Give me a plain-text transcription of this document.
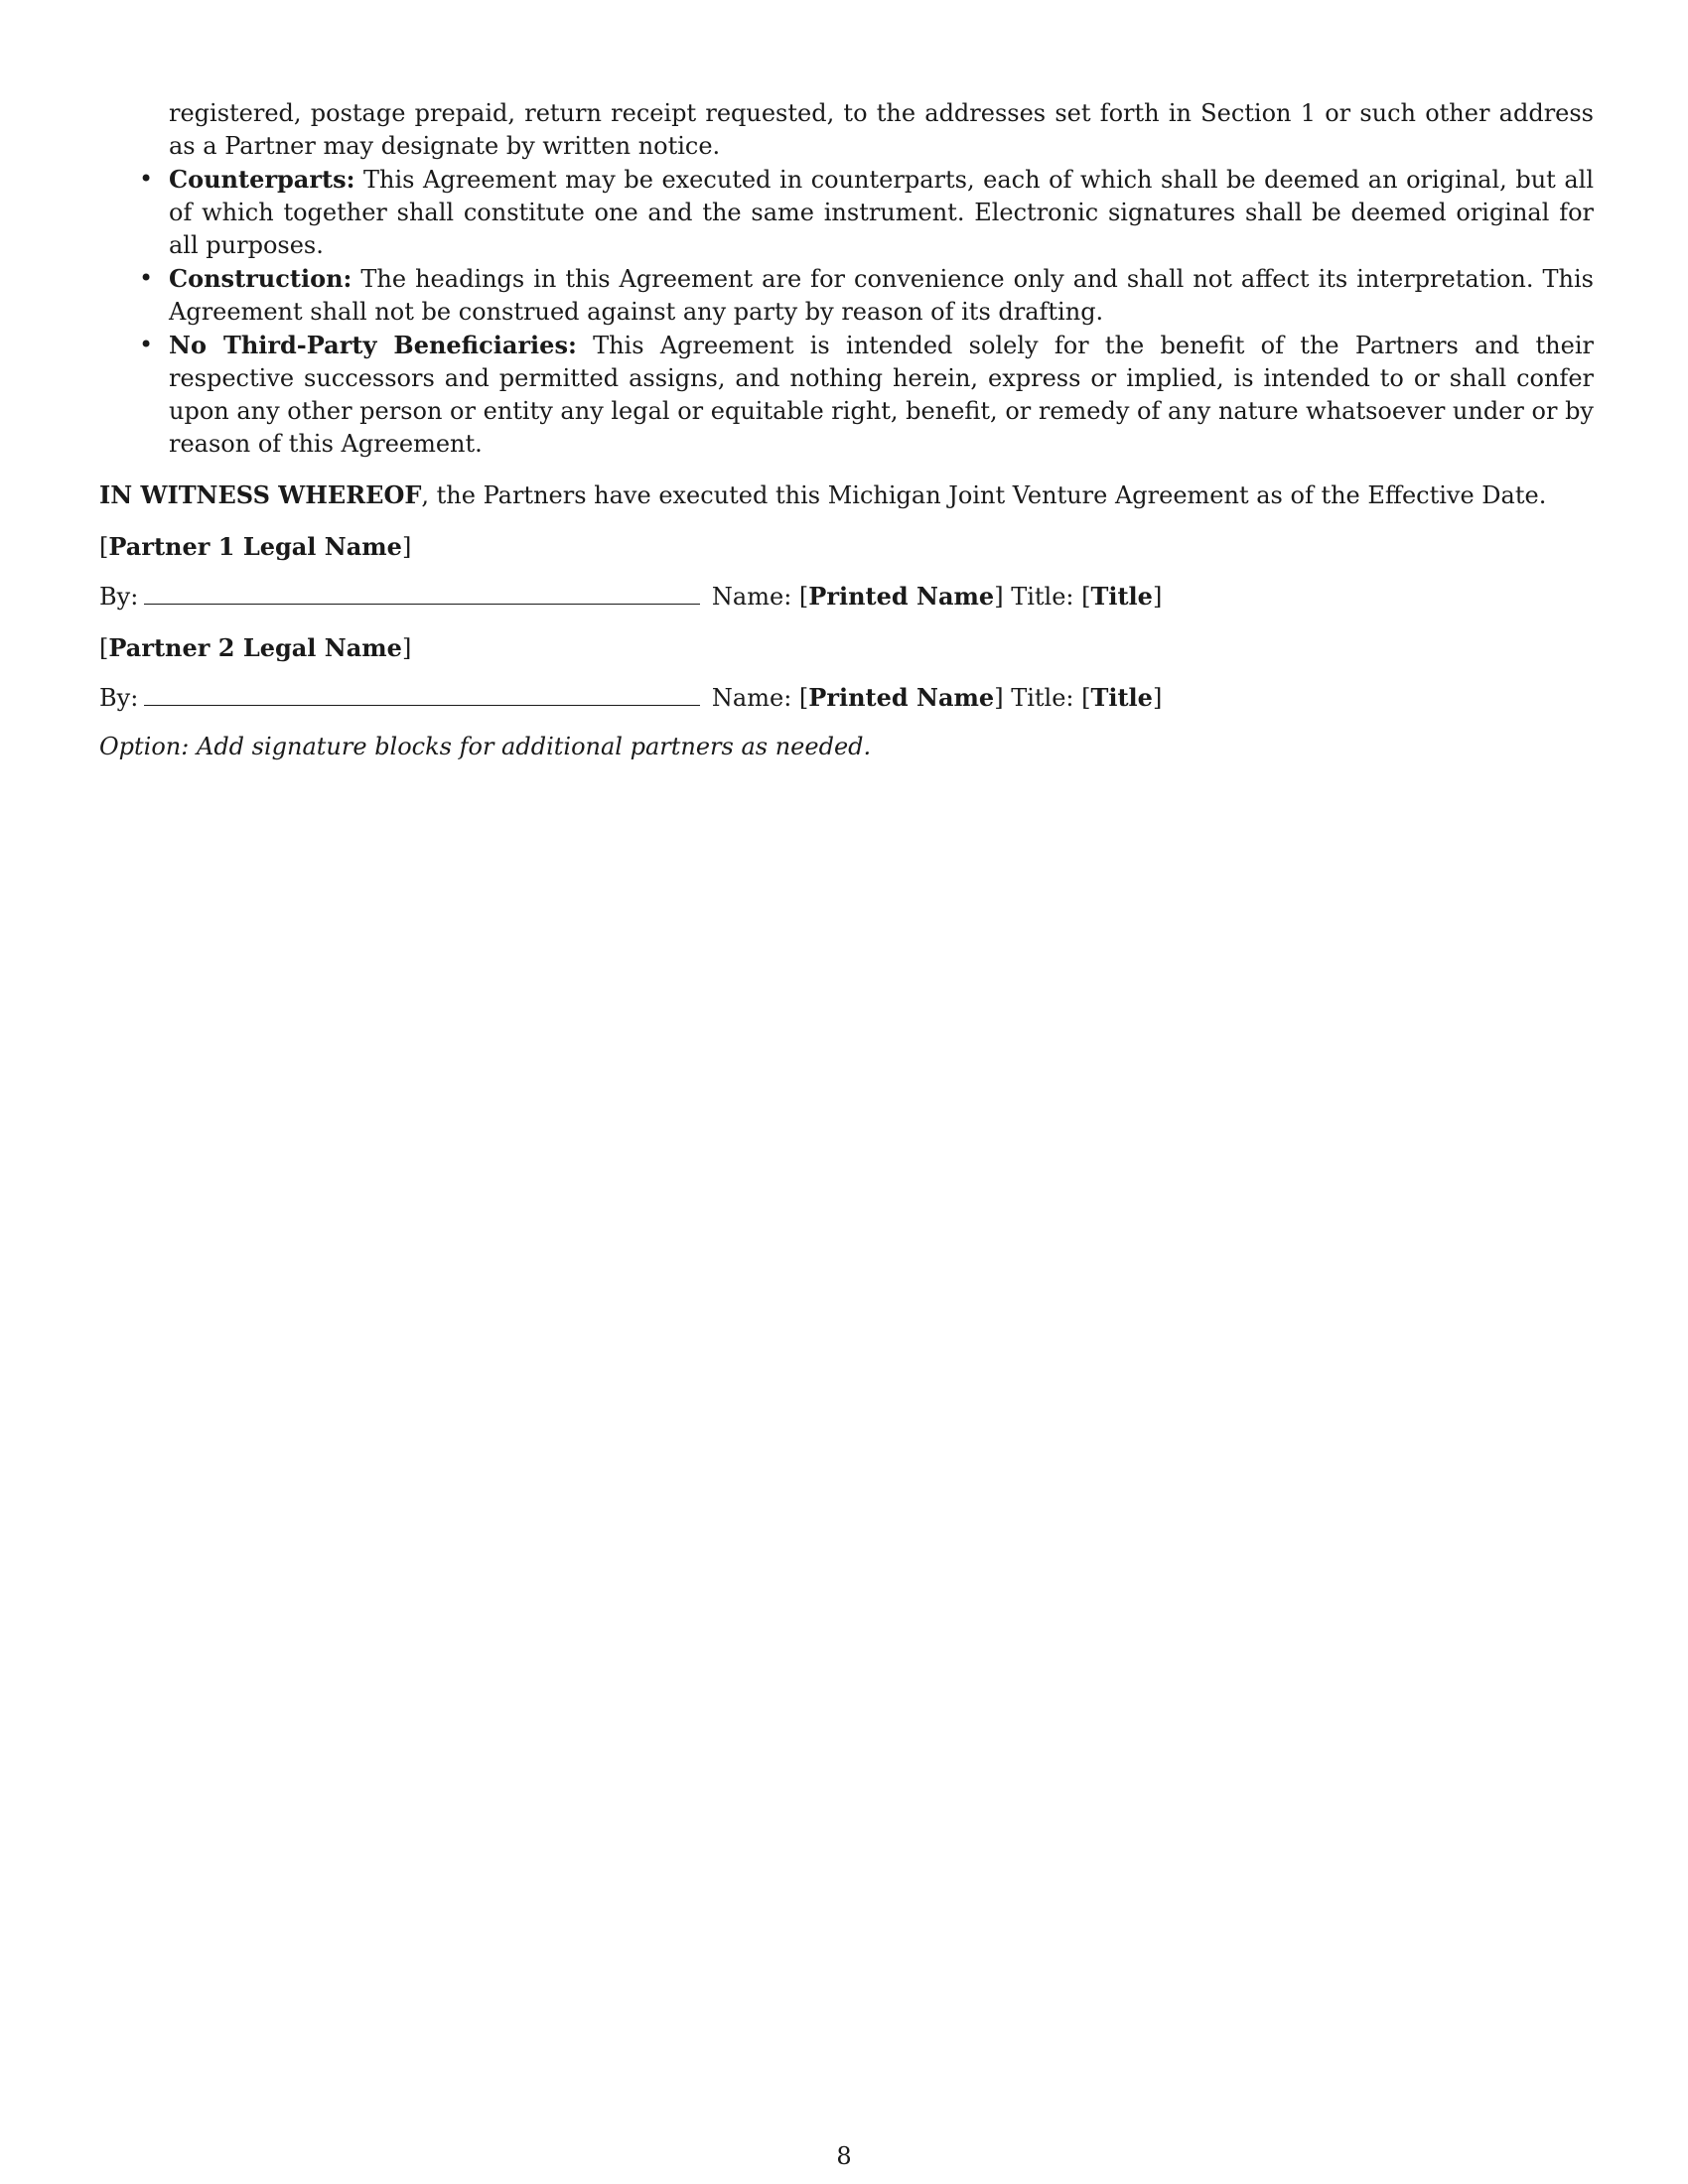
registered, postage prepaid, return receipt requested, to the addresses set forth in Section 1 or such other address as a Partner may designate by written notice.
• Counterparts: This Agreement may be executed in counterparts, each of which shall be deemed an original, but all of which together shall constitute one and the same instrument. Electronic signatures shall be deemed original for all purposes.
• Construction: The headings in this Agreement are for convenience only and shall not affect its interpretation. This Agreement shall not be construed against any party by reason of its drafting.
• No Third-Party Beneficiaries: This Agreement is intended solely for the benefit of the Partners and their respective successors and permitted assigns, and nothing herein, express or implied, is intended to or shall confer upon any other person or entity any legal or equitable right, benefit, or remedy of any nature whatsoever under or by reason of this Agreement.
IN WITNESS WHEREOF, the Partners have executed this Michigan Joint Venture Agreement as of the Effective Date.
[Partner 1 Legal Name]
By:	Name: [Printed Name] Title: [Title]
[Partner 2 Legal Name]
By:	Name: [Printed Name] Title: [Title]
Option: Add signature blocks for additional partners as needed.
8
